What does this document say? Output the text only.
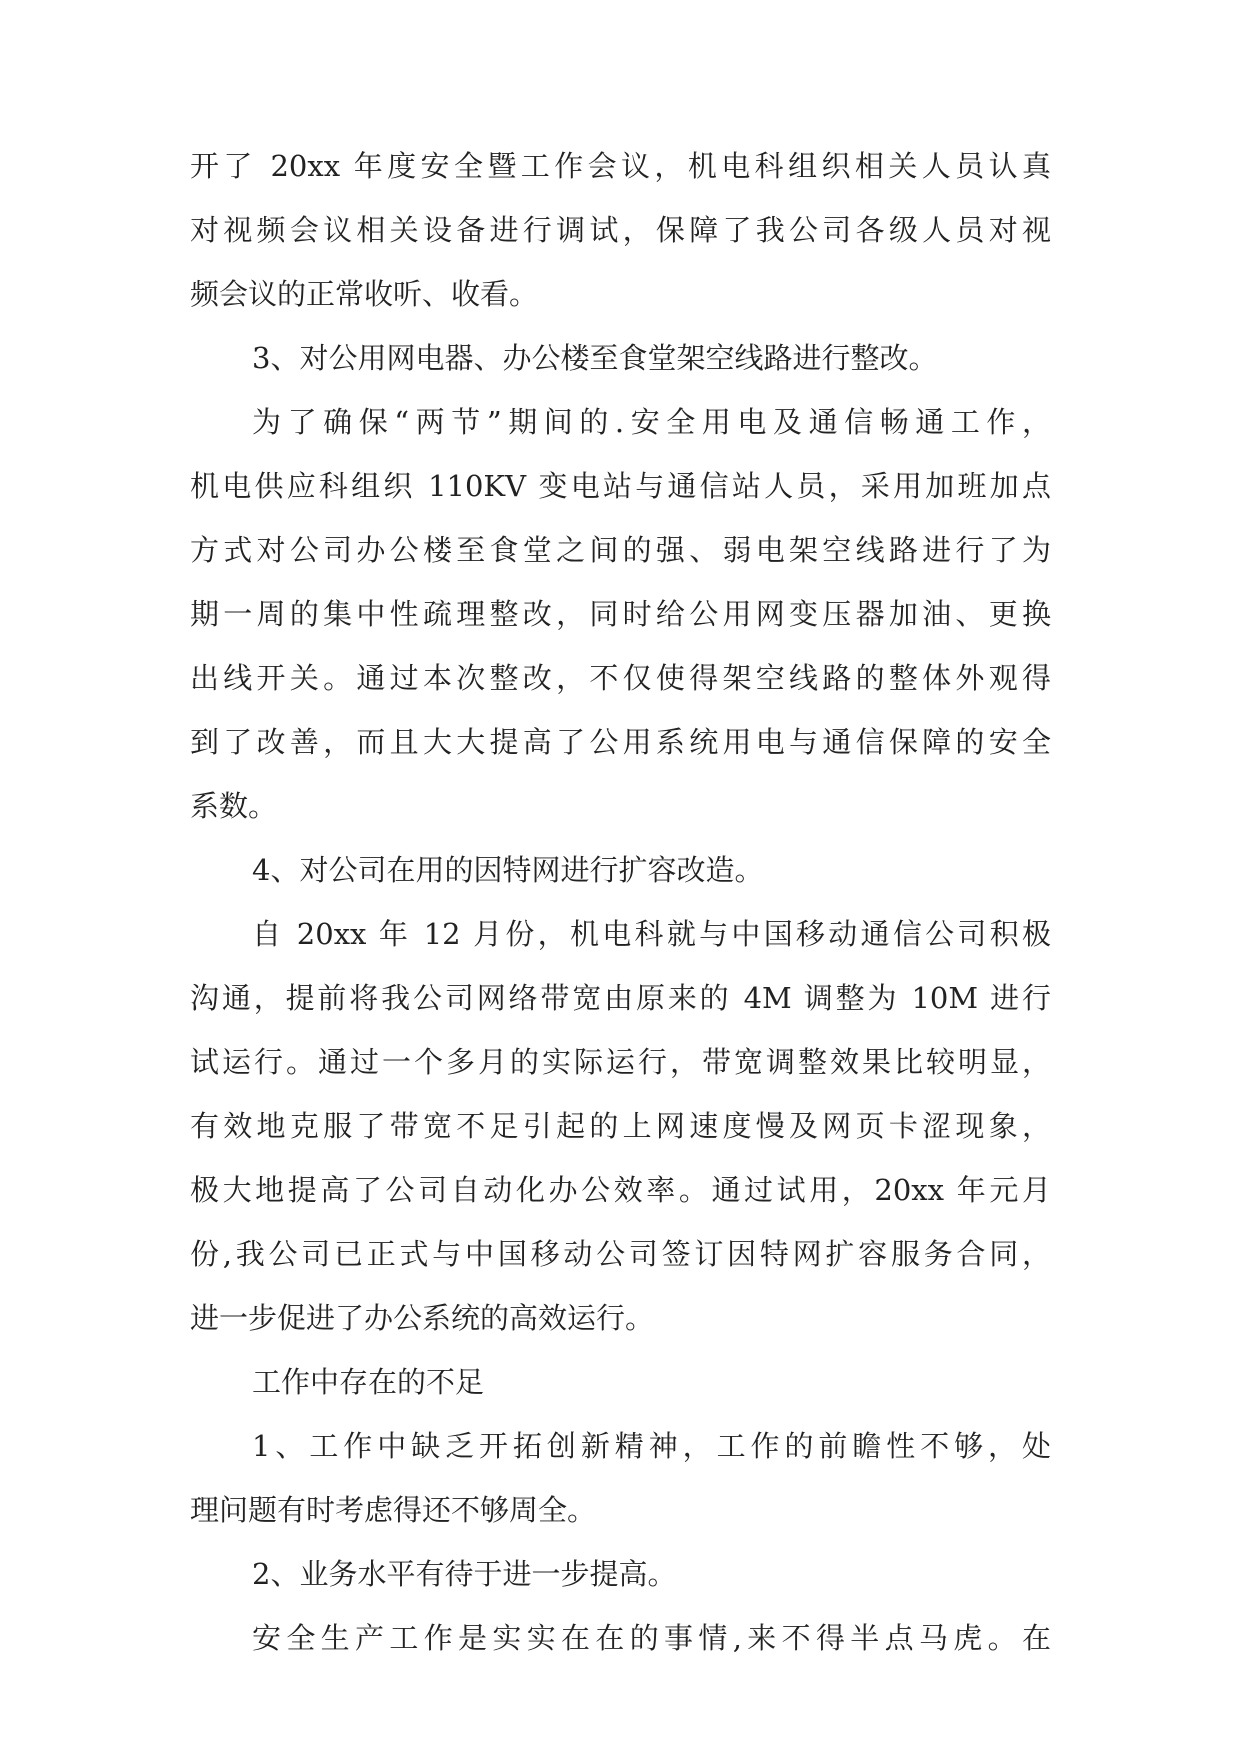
开了 20xx 年度安全暨工作会议，机电科组织相关人员认真
对视频会议相关设备进行调试，保障了我公司各级人员对视
频会议的正常收听、收看。
3、对公用网电器、办公楼至食堂架空线路进行整改。
为了确保“两节”期间的.安全用电及通信畅通工作，
机电供应科组织 110KV 变电站与通信站人员，采用加班加点
方式对公司办公楼至食堂之间的强、弱电架空线路进行了为
期一周的集中性疏理整改，同时给公用网变压器加油、更换
出线开关。通过本次整改，不仅使得架空线路的整体外观得
到了改善，而且大大提高了公用系统用电与通信保障的安全
系数。
4、对公司在用的因特网进行扩容改造。
自 20xx 年 12 月份，机电科就与中国移动通信公司积极
沟通，提前将我公司网络带宽由原来的 4M 调整为 10M 进行
试运行。通过一个多月的实际运行，带宽调整效果比较明显，
有效地克服了带宽不足引起的上网速度慢及网页卡涩现象，
极大地提高了公司自动化办公效率。通过试用，20xx 年元月
份,我公司已正式与中国移动公司签订因特网扩容服务合同，
进一步促进了办公系统的高效运行。
工作中存在的不足
1、工作中缺乏开拓创新精神，工作的前瞻性不够，处
理问题有时考虑得还不够周全。
2、业务水平有待于进一步提高。
安全生产工作是实实在在的事情,来不得半点马虎。在
